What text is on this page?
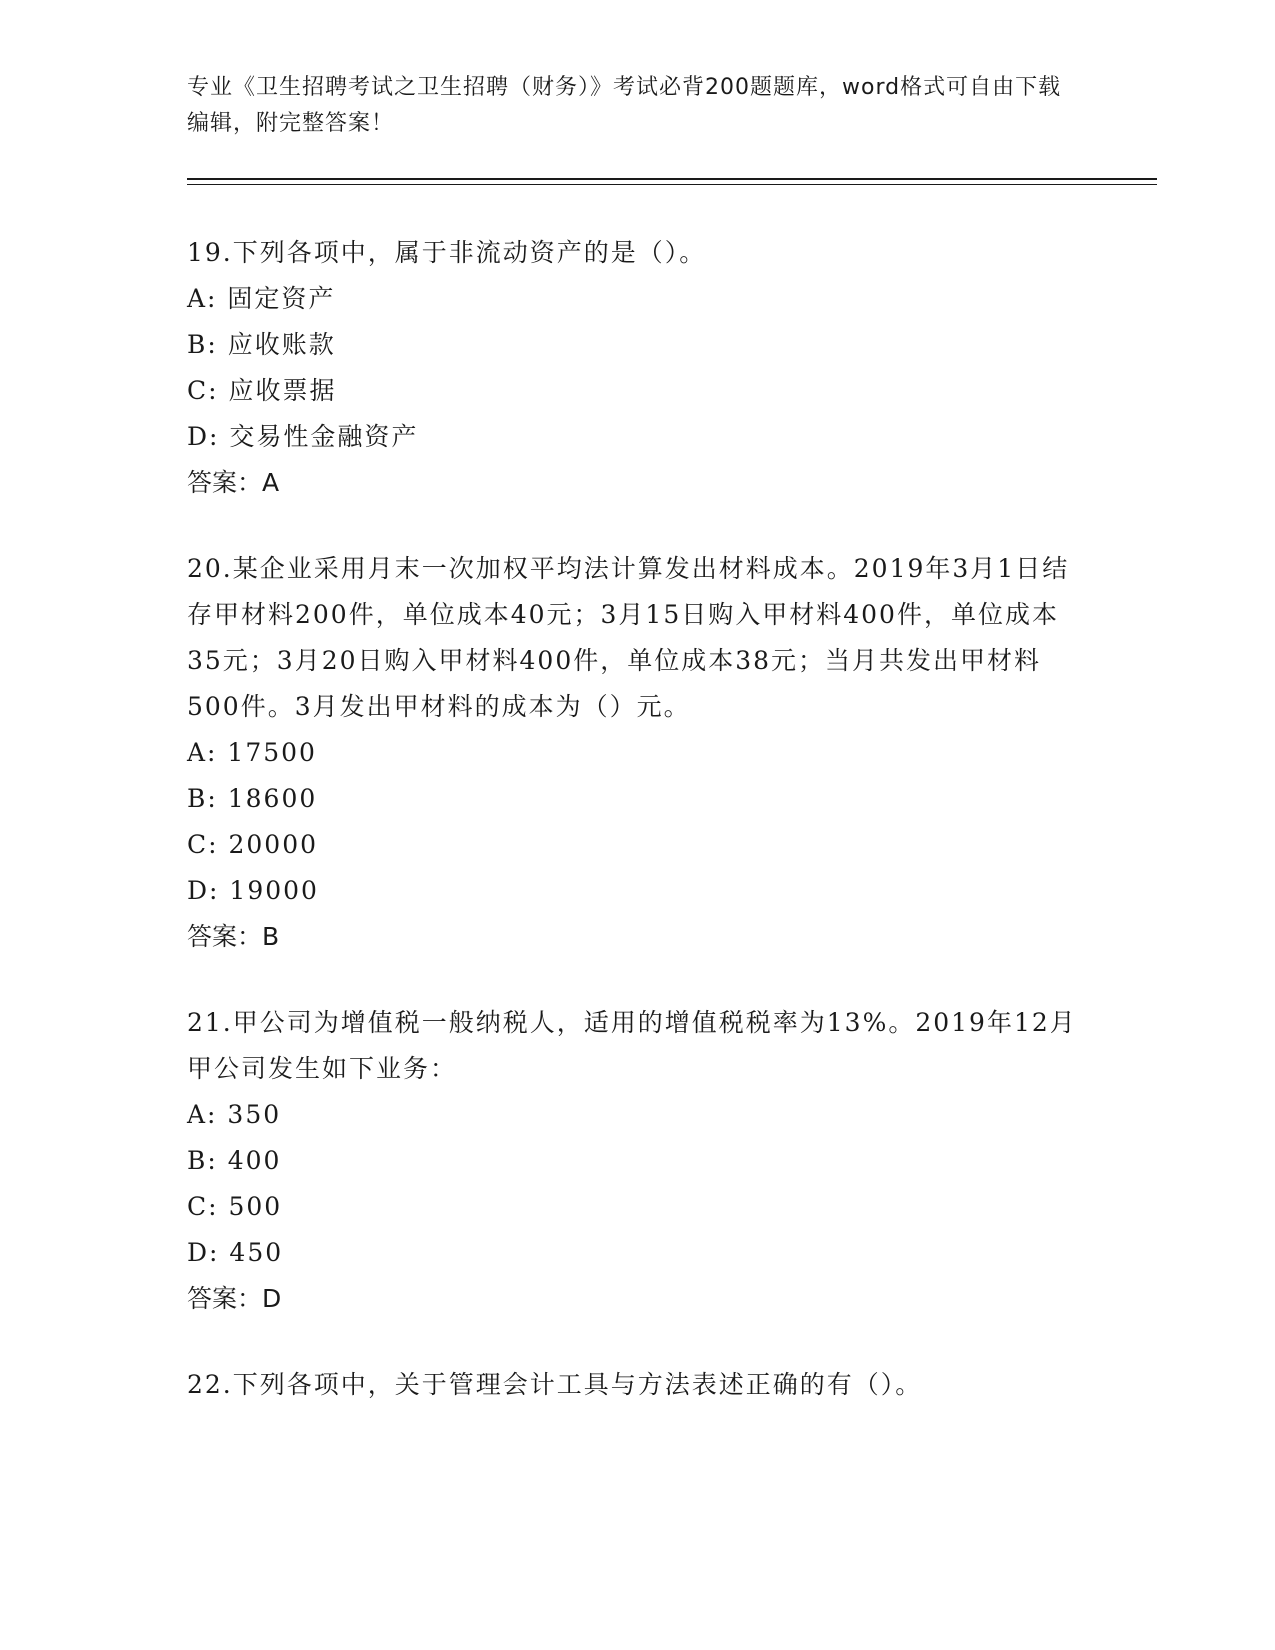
专业《卫生招聘考试之卫生招聘（财务）》考试必背200题题库，word格式可自由下载编辑，附完整答案！
19.下列各项中，属于非流动资产的是（）。
A: 固定资产
B: 应收账款
C: 应收票据
D: 交易性金融资产
答案：A
20.某企业采用月末一次加权平均法计算发出材料成本。2019年3月1日结存甲材料200件，单位成本40元；3月15日购入甲材料400件，单位成本35元；3月20日购入甲材料400件，单位成本38元；当月共发出甲材料500件。3月发出甲材料的成本为（）元。
A: 17500
B: 18600
C: 20000
D: 19000
答案：B
21.甲公司为增值税一般纳税人，适用的增值税税率为13%。2019年12月甲公司发生如下业务：
A: 350
B: 400
C: 500
D: 450
答案：D
22.下列各项中，关于管理会计工具与方法表述正确的有（）。
